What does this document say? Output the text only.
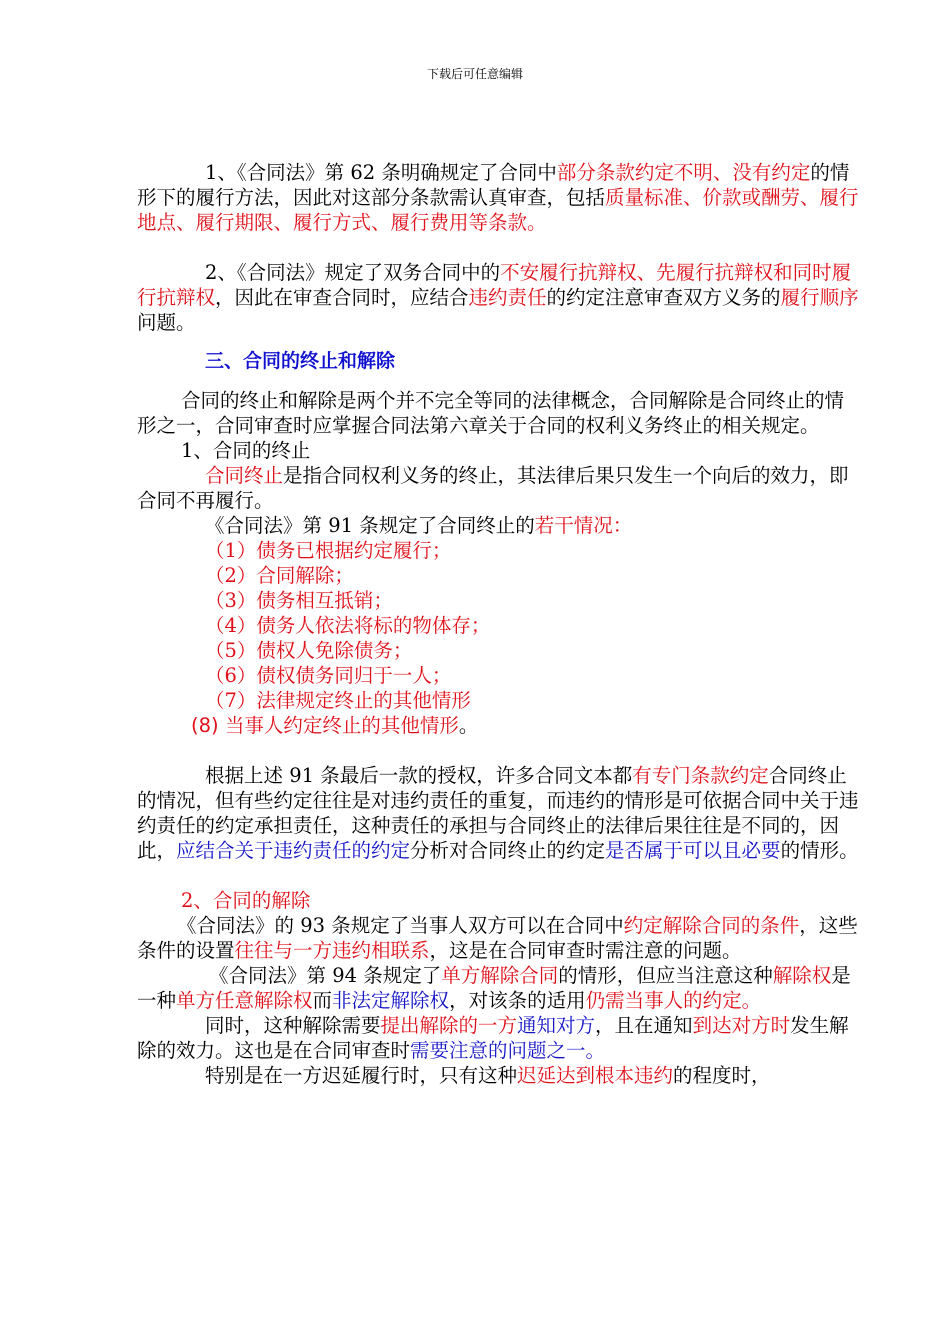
下载后可任意编辑

1、《合同法》第 62 条明确规定了合同中部分条款约定不明、没有约定的情形下的履行方法，因此对这部分条款需认真审查，包括质量标准、价款或酬劳、履行地点、履行期限、履行方式、履行费用等条款。

2、《合同法》规定了双务合同中的不安履行抗辩权、先履行抗辩权和同时履行抗辩权，因此在审查合同时，应结合违约责任的约定注意审查双方义务的履行顺序问题。

三、合同的终止和解除

合同的终止和解除是两个并不完全等同的法律概念，合同解除是合同终止的情形之一，合同审查时应掌握合同法第六章关于合同的权利义务终止的相关规定。

1、合同的终止

合同终止是指合同权利义务的终止，其法律后果只发生一个向后的效力，即合同不再履行。

《合同法》第 91 条规定了合同终止的若干情况：

（1）债务已根据约定履行；

（2）合同解除；

（3）债务相互抵销；

（4）债务人依法将标的物体存；

（5）债权人免除债务；

（6）债权债务同归于一人；

（7）法律规定终止的其他情形

(8) 当事人约定终止的其他情形。

根据上述 91 条最后一款的授权，许多合同文本都有专门条款约定合同终止的情况，但有些约定往往是对违约责任的重复，而违约的情形是可依据合同中关于违约责任的约定承担责任，这种责任的承担与合同终止的法律后果往往是不同的，因此，应结合关于违约责任的约定分析对合同终止的约定是否属于可以且必要的情形。

2、合同的解除

《合同法》的 93 条规定了当事人双方可以在合同中约定解除合同的条件，这些条件的设置往往与一方违约相联系，这是在合同审查时需注意的问题。

《合同法》第 94 条规定了单方解除合同的情形，但应当注意这种解除权是一种单方任意解除权而非法定解除权，对该条的适用仍需当事人的约定。

同时，这种解除需要提出解除的一方通知对方，且在通知到达对方时发生解除的效力。这也是在合同审查时需要注意的问题之一。

特别是在一方迟延履行时，只有这种迟延达到根本违约的程度时，
